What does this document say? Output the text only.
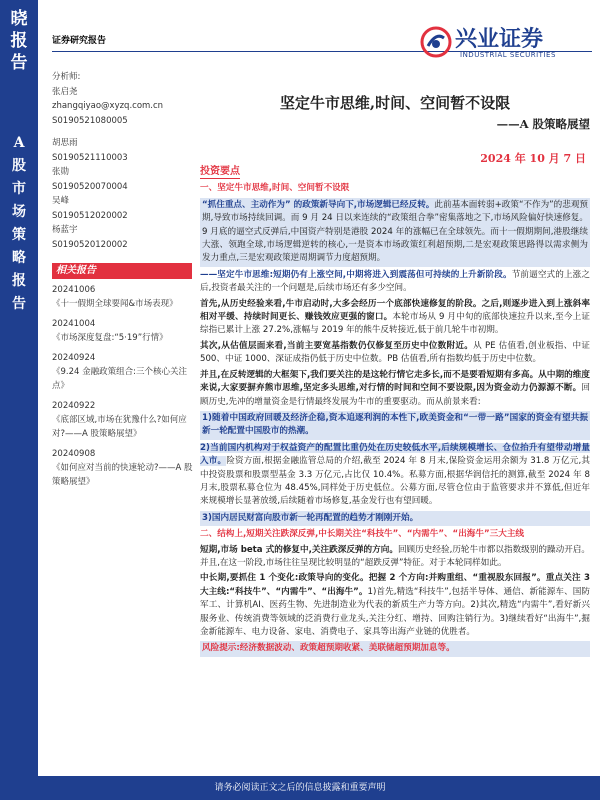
晓
报
告
A
股
市
场
策
略
报
告
证券研究报告	兴业证券
INDUSTRIAL SECURITIES
分析师:
张启尧
zhangqiyao@xyzq.com.cn
S0190521080005
胡思雨
S0190521110003
张勋
S0190520070004
吴峰
S0190512020002
杨蓝宇
S0190520120002
相关报告
20241006
《十一假期全球要闻&市场表现》
20241004
《市场深度复盘:“5·19”行情》
20240924
《9.24 金融政策组合:三个核心关注点》
20240922
《底部区域,市场在犹豫什么?如何应对?——A 股策略展望》
20240908
《如何应对当前的快速轮动?——A 股策略展望》
坚定牛市思维,时间、空间暂不设限
——A 股策略展望
2024 年 10 月 7 日
投资要点

一、坚定牛市思维,时间、空间暂不设限

“抓住重点、主动作为” 的政策新导向下,市场逻辑已经反转。此前基本面转弱+政策“不作为”的悲观预期,导致市场持续回调。而 9 月 24 日以来连续的“政策组合拳”密集落地之下,市场风险偏好快速修复。9 月底的逼空式反弹后,中国资产特别是港股 2024 年的涨幅已在全球领先。而十一假期期间,港股继续大涨、领跑全球,市场逻辑逆转的核心,一是资本市场政策红利超预期,二是宏观政策思路得以需求侧为发力重点,三是宏观政策逆周期调节力度超预期。

——坚定牛市思维:短期仍有上涨空间,中期将进入到震荡但可持续的上升新阶段。节前逼空式的上涨之后,投资者最关注的一个问题是,后续市场还有多少空间。

首先,从历史经验来看,牛市启动时,大多会经历一个底部快速修复的阶段。之后,则逐步进入到上涨斜率相对平缓、持续时间更长、赚钱效应更强的窗口。本轮市场从 9 月中旬的底部快速拉升以来,至今上证综指已累计上涨 27.2%,涨幅与 2019 年的熊牛反转接近,低于前几轮牛市初期。

其次,从估值层面来看,当前主要宽基指数仍仅修复至历史中位数附近。从 PE 估值看,创业板指、中证 500、中证 1000、深证成指仍低于历史中位数。PB 估值看,所有指数均低于历史中位数。

并且,在反转逻辑的大框架下,我们要关注的是这轮行情它走多长,而不是要看短期有多高。从中期的维度来说,大家要摒弃熊市思维,坚定多头思维,对行情的时间和空间不要设限,因为资金动力仍源源不断。回顾历史,先冲的增量资金是行情最终发展为牛市的重要驱动。而从前景来看:

1)随着中国政府回暖及经济企稳,资本追逐利润的本性下,欧美资金和“一带一路”国家的资金有望共振新一轮配置中国股市的热潮。

2)当前国内机构对于权益资产的配置比重仍处在历史较低水平,后续规模增长、仓位抬升有望带动增量入市。险资方面,根据金融监管总局的介绍,截至 2024 年 8 月末,保险资金运用余额为 31.8 万亿元,其中投资股票和股票型基金 3.3 万亿元,占比仅 10.4%。私募方面,根据华润信托的测算,截至 2024 年 8 月末,股票私募仓位为 48.45%,同样处于历史低位。公募方面,尽管仓位由于监管要求并不算低,但近年来规模增长显著放缓,后续随着市场修复,基金发行也有望回暖。

3)国内居民财富向股市新一轮再配置的趋势才刚刚开始。

二、结构上,短期关注跌深反弹,中长期关注“科技牛”、“内需牛”、“出海牛”三大主线

短期,市场 beta 式的修复中,关注跌深反弹的方向。回顾历史经验,历轮牛市都以指数级别的躁动开启。并且,在这一阶段,市场往往呈现比较明显的“超跌反弹”特征。对于本轮同样如此。

中长期,要抓住 1 个变化:政策导向的变化。把握 2 个方向:并购重组、“重视股东回报”。重点关注 3 大主线:“科技牛”、“内需牛”、“出海牛”。1)首先,精选“科技牛”,包括半导体、通信、新能源车、国防军工、计算机AI、医药生物、先进制造业为代表的新质生产力等方向。2)其次,精选“内需牛”,看好新兴服务业、传统消费等领域的泛消费行业龙头,关注分红、增持、回购注销行为。3)继续看好“出海牛”,掘金新能源车、电力设备、家电、消费电子、家具等出海产业链的优胜者。

风险提示:经济数据波动、政策超预期收紧、美联储超预期加息等。

请务必阅读正文之后的信息披露和重要声明
